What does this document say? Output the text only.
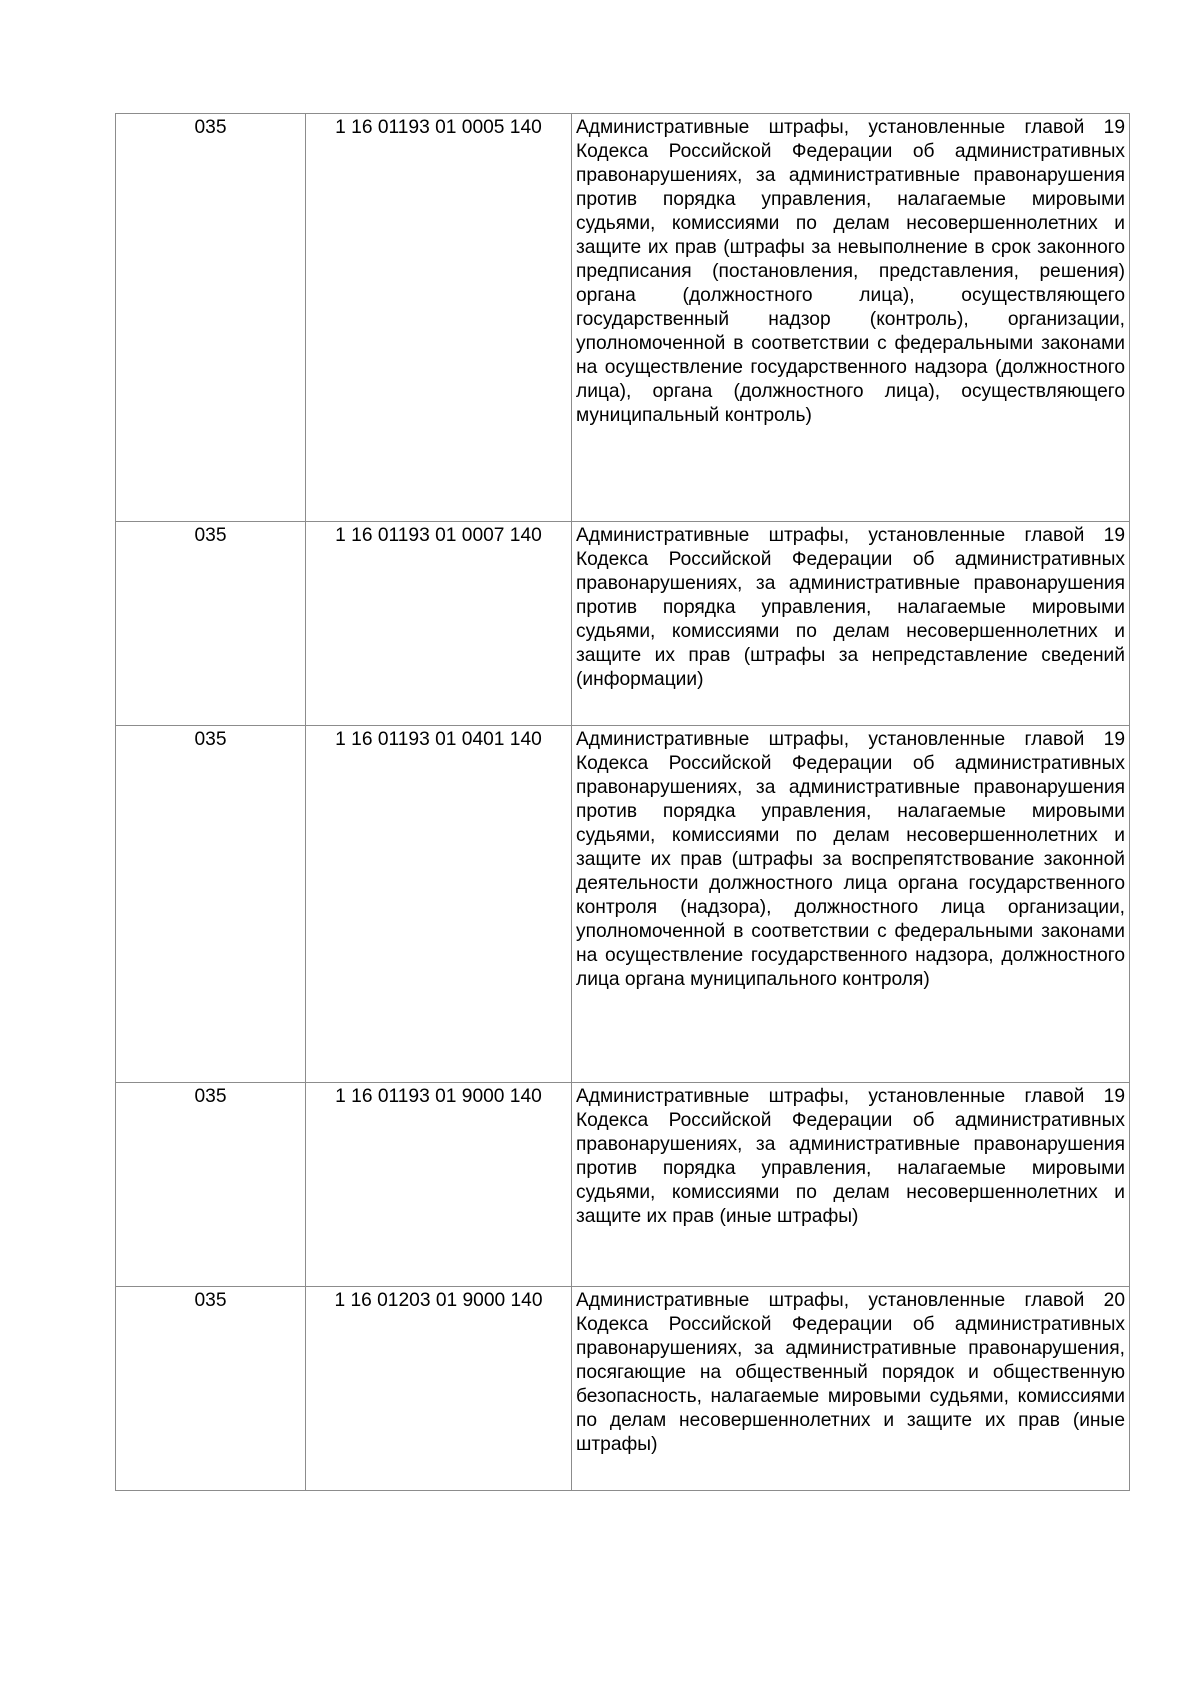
035	1 16 01193 01 0005 140	Административные штрафы, установленные главой 19 Кодекса Российской Федерации об административных правонарушениях, за административные правонарушения против порядка управления, налагаемые мировыми судьями, комиссиями по делам несовершеннолетних и защите их прав (штрафы за невыполнение в срок законного предписания (постановления, представления, решения) органа (должностного лица), осуществляющего государственный надзор (контроль), организации, уполномоченной в соответствии с федеральными законами на осуществление государственного надзора (должностного лица), органа (должностного лица), осуществляющего муниципальный контроль)

035	1 16 01193 01 0007 140	Административные штрафы, установленные главой 19 Кодекса Российской Федерации об административных правонарушениях, за административные правонарушения против порядка управления, налагаемые мировыми судьями, комиссиями по делам несовершеннолетних и защите их прав (штрафы за непредставление сведений (информации)

035	1 16 01193 01 0401 140	Административные штрафы, установленные главой 19 Кодекса Российской Федерации об административных правонарушениях, за административные правонарушения против порядка управления, налагаемые мировыми судьями, комиссиями по делам несовершеннолетних и защите их прав (штрафы за воспрепятствование законной деятельности должностного лица органа государственного контроля (надзора), должностного лица организации, уполномоченной в соответствии с федеральными законами на осуществление государственного надзора, должностного лица органа муниципального контроля)

035	1 16 01193 01 9000 140	Административные штрафы, установленные главой 19 Кодекса Российской Федерации об административных правонарушениях, за административные правонарушения против порядка управления, налагаемые мировыми судьями, комиссиями по делам несовершеннолетних и защите их прав (иные штрафы)

035	1 16 01203 01 9000 140	Административные штрафы, установленные главой 20 Кодекса Российской Федерации об административных правонарушениях, за административные правонарушения, посягающие на общественный порядок и общественную безопасность, налагаемые мировыми судьями, комиссиями по делам несовершеннолетних и защите их прав (иные штрафы)
